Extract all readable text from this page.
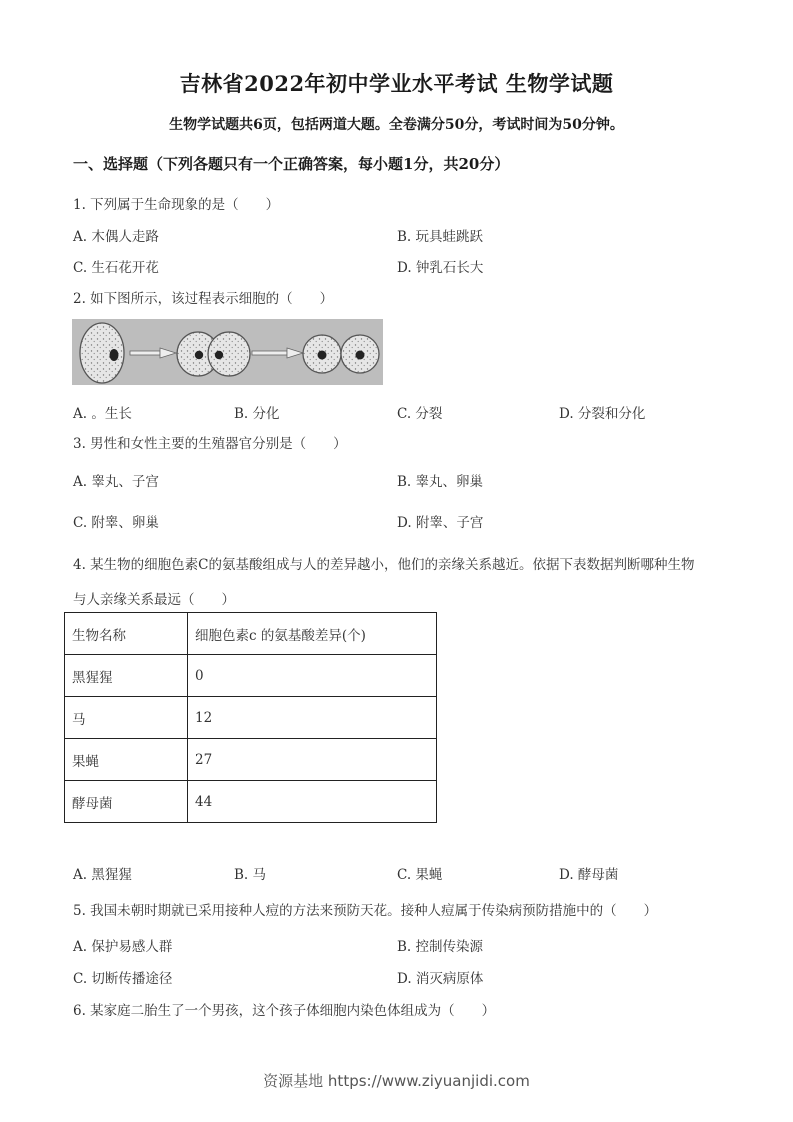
吉林省2022年初中学业水平考试 生物学试题
生物学试题共6页，包括两道大题。全卷满分50分，考试时间为50分钟。
一、选择题（下列各题只有一个正确答案，每小题1分，共20分）
1. 下列属于生命现象的是（　　）
A. 木偶人走路	B. 玩具蛙跳跃
C. 生石花开花	D. 钟乳石长大
2. 如下图所示，该过程表示细胞的（　　）
A. 。生长	B. 分化	C. 分裂	D. 分裂和分化
3. 男性和女性主要的生殖器官分别是（　　）
A. 睾丸、子宫	B. 睾丸、卵巢
C. 附睾、卵巢	D. 附睾、子宫
4. 某生物的细胞色素C的氨基酸组成与人的差异越小，他们的亲缘关系越近。依据下表数据判断哪种生物
与人亲缘关系最远（　　）
生物名称	细胞色素c 的氨基酸差异(个)
黑猩猩	0
马	12
果蝇	27
酵母菌	44
A. 黑猩猩	B. 马	C. 果蝇	D. 酵母菌
5. 我国未朝时期就已采用接种人痘的方法来预防天花。接种人痘属于传染病预防措施中的（　　）
A. 保护易感人群	B. 控制传染源
C. 切断传播途径	D. 消灭病原体
6. 某家庭二胎生了一个男孩，这个孩子体细胞内染色体组成为（　　）
资源基地 https://www.ziyuanjidi.com
